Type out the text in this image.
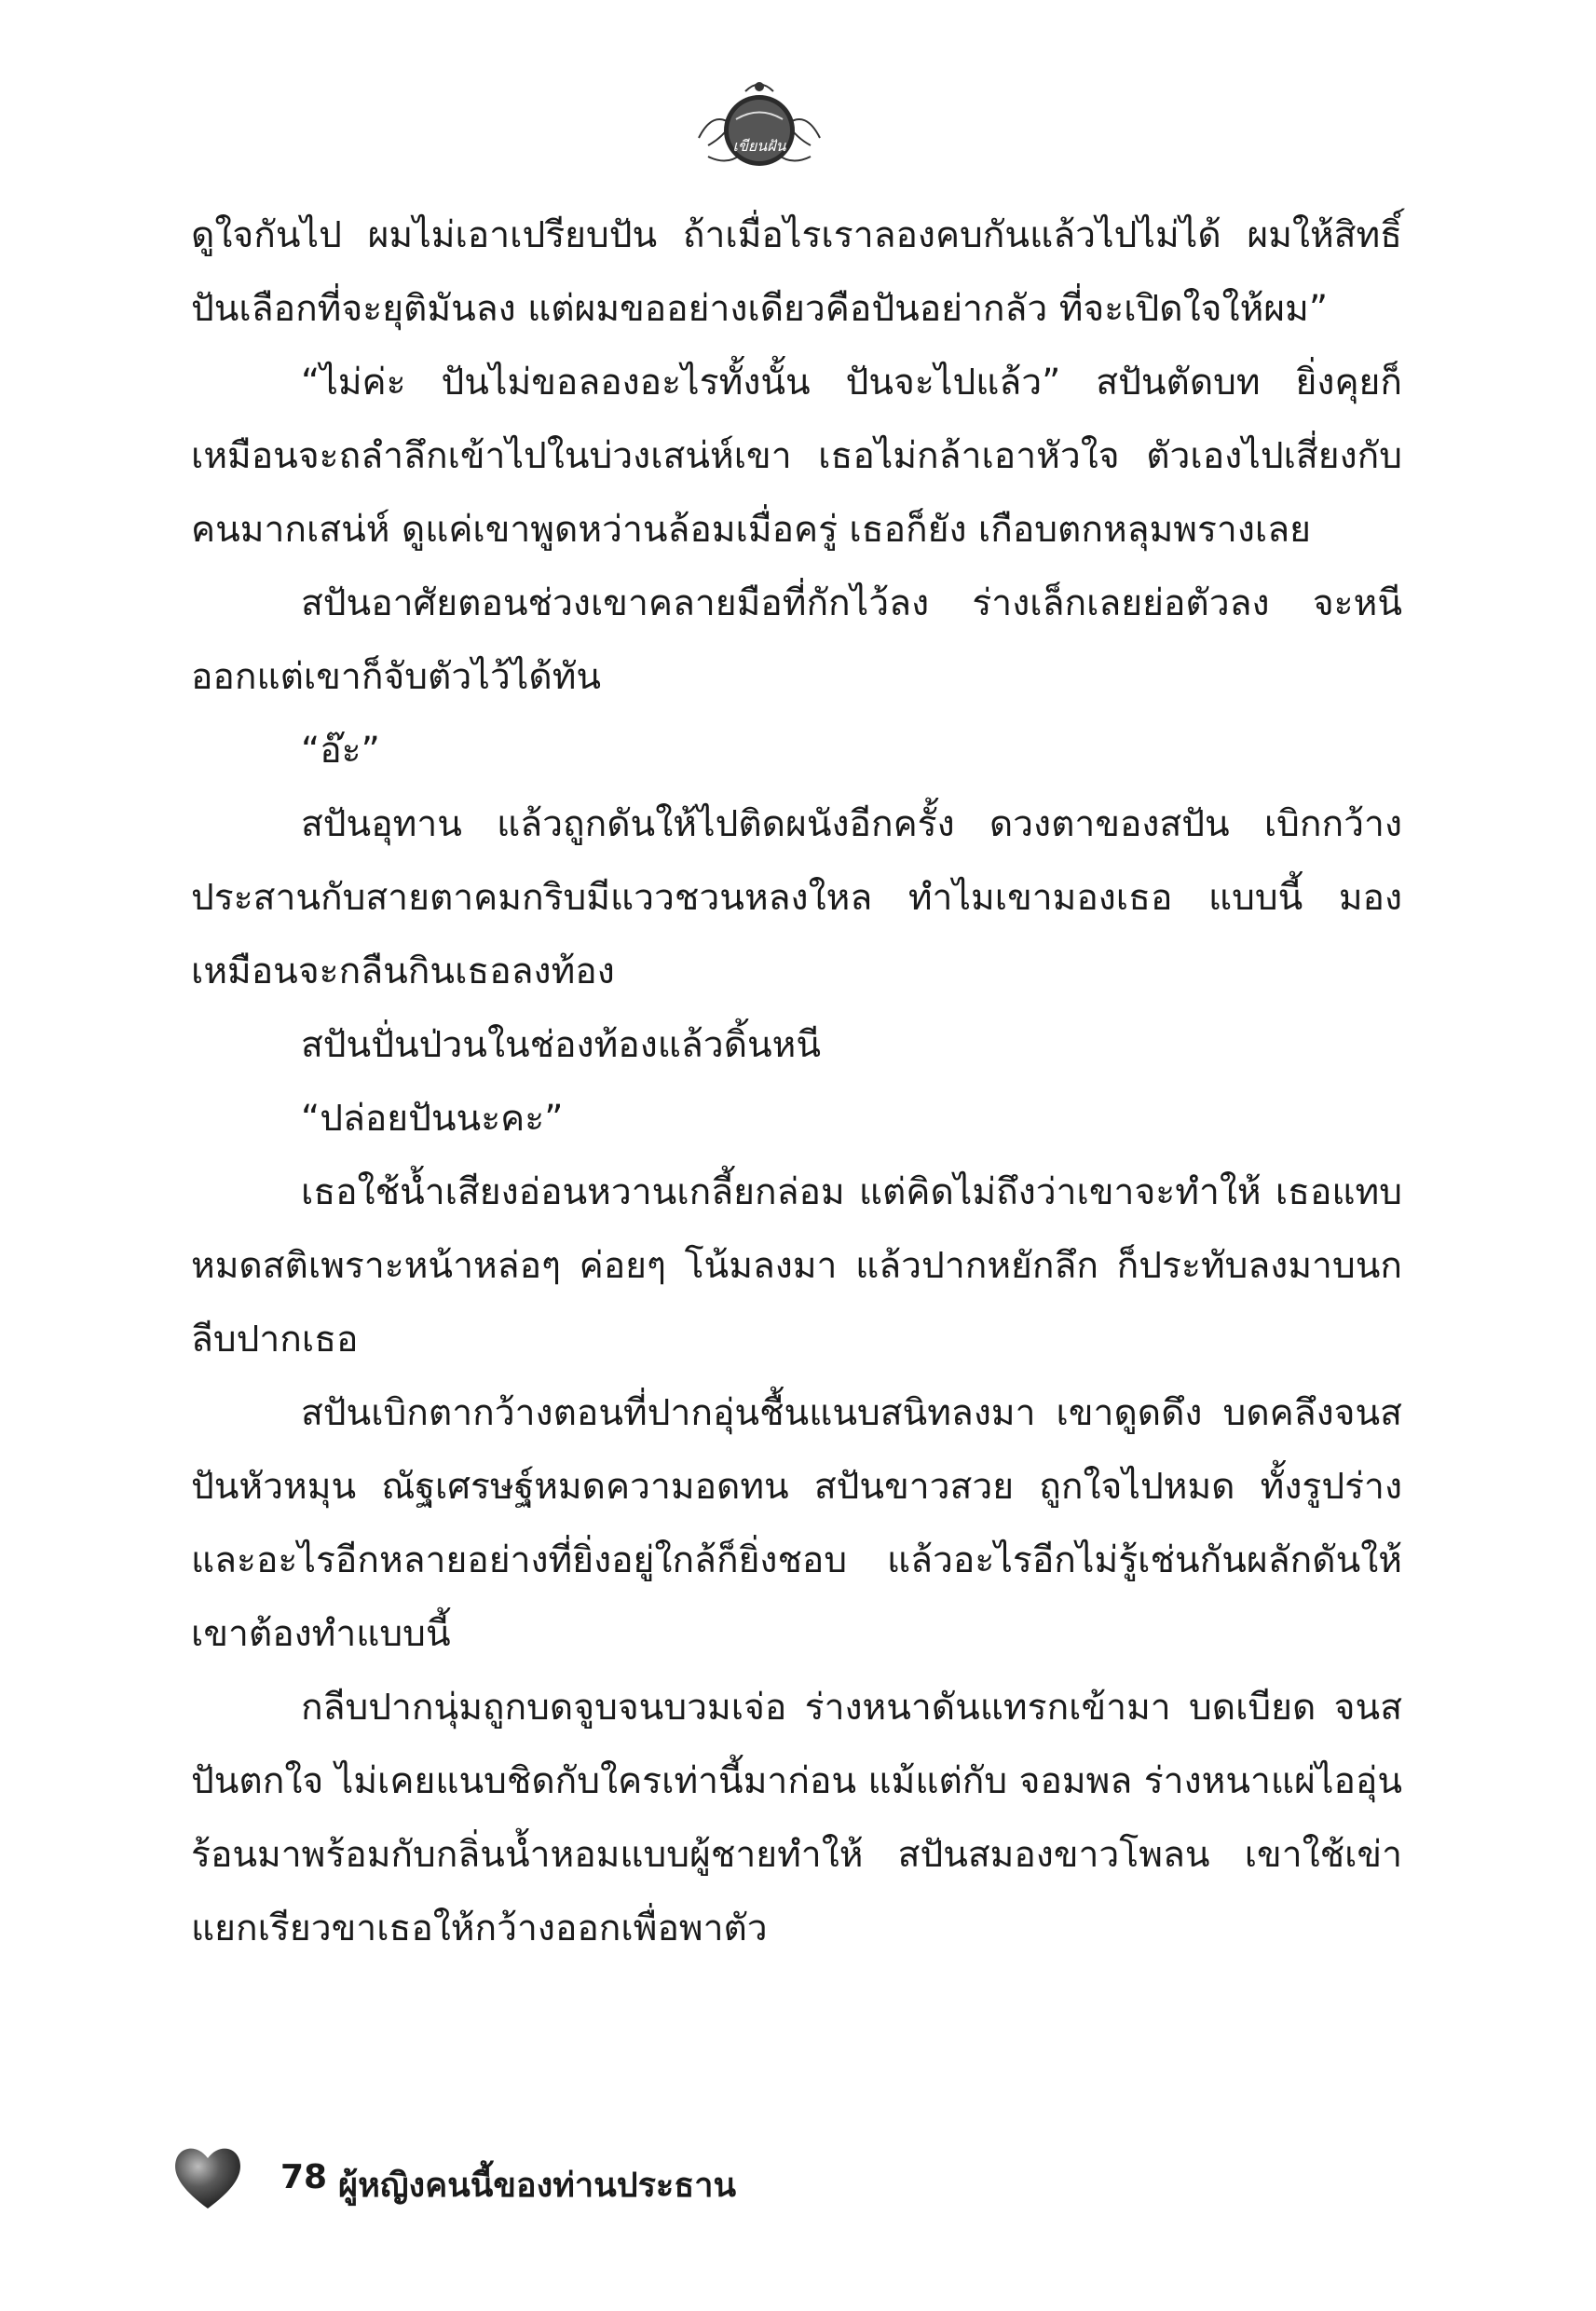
เขียนฝัน

ดูใจกันไป ผมไม่เอาเปรียบปัน ถ้าเมื่อไรเราลองคบกันแล้วไปไม่ได้ ผมให้สิทธิ์ปันเลือกที่จะยุติมันลง แต่ผมขออย่างเดียวคือปันอย่ากลัว ที่จะเปิดใจให้ผม”

“ไม่ค่ะ ปันไม่ขอลองอะไรทั้งนั้น ปันจะไปแล้ว” สปันตัดบท ยิ่งคุยก็เหมือนจะถลำลึกเข้าไปในบ่วงเสน่ห์เขา เธอไม่กล้าเอาหัวใจ ตัวเองไปเสี่ยงกับคนมากเสน่ห์ ดูแค่เขาพูดหว่านล้อมเมื่อครู่ เธอก็ยัง เกือบตกหลุมพรางเลย

สปันอาศัยตอนช่วงเขาคลายมือที่กักไว้ลง ร่างเล็กเลยย่อตัวลง จะหนีออกแต่เขาก็จับตัวไว้ได้ทัน

“อ๊ะ”

สปันอุทาน แล้วถูกดันให้ไปติดผนังอีกครั้ง ดวงตาของสปัน เบิกกว้างประสานกับสายตาคมกริบมีแววชวนหลงใหล ทำไมเขามองเธอ แบบนี้ มองเหมือนจะกลืนกินเธอลงท้อง

สปันปั่นป่วนในช่องท้องแล้วดิ้นหนี

“ปล่อยปันนะคะ”

เธอใช้น้ำเสียงอ่อนหวานเกลี้ยกล่อม แต่คิดไม่ถึงว่าเขาจะทำให้ เธอแทบหมดสติเพราะหน้าหล่อๆ ค่อยๆ โน้มลงมา แล้วปากหยักลึก ก็ประทับลงมาบนกลีบปากเธอ

สปันเบิกตากว้างตอนที่ปากอุ่นชื้นแนบสนิทลงมา เขาดูดดึง บดคลึงจนสปันหัวหมุน ณัฐเศรษฐ์หมดความอดทน สปันขาวสวย ถูกใจไปหมด ทั้งรูปร่าง และอะไรอีกหลายอย่างที่ยิ่งอยู่ใกล้ก็ยิ่งชอบ แล้วอะไรอีกไม่รู้เช่นกันผลักดันให้เขาต้องทำแบบนี้

กลีบปากนุ่มถูกบดจูบจนบวมเจ่อ ร่างหนาดันแทรกเข้ามา บดเบียด จนสปันตกใจ ไม่เคยแนบชิดกับใครเท่านี้มาก่อน แม้แต่กับ จอมพล ร่างหนาแผ่ไออุ่นร้อนมาพร้อมกับกลิ่นน้ำหอมแบบผู้ชายทำให้ สปันสมองขาวโพลน เขาใช้เข่าแยกเรียวขาเธอให้กว้างออกเพื่อพาตัว

78 ผู้หญิงคนนี้ของท่านประธาน
